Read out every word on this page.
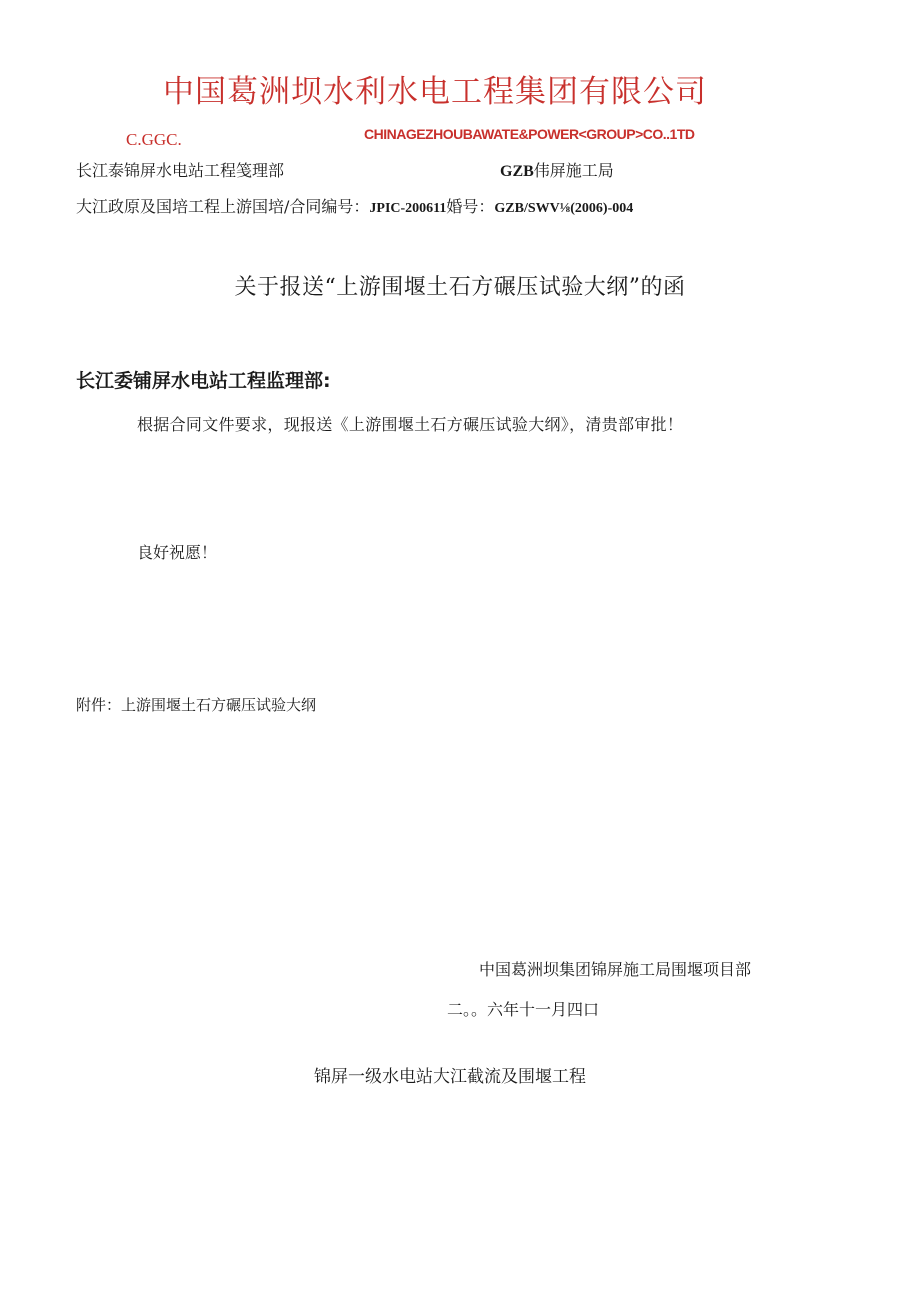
中国葛洲坝水利水电工程集团有限公司
C.GGC.	CHINAGEZHOUBAWATE&POWER<GROUP>CO..1TD
长江泰锦屏水电站工程笺理部	GZB伟屏施工局
大江政原及国培工程上游国培/合同编号：JPIC-200611婚号：GZB/SWV⅛(2006)-004
关于报送“上游围堰土石方碾压试验大纲”的函
长江委铺屏水电站工程监理部:
根据合同文件要求，现报送《上游围堰土石方碾压试验大纲》，清贵部审批！
良好祝愿！
附件：上游围堰土石方碾压试验大纲
中国葛洲坝集团锦屏施工局围堰项目部
二。。六年十一月四口
锦屏一级水电站大江截流及围堰工程
